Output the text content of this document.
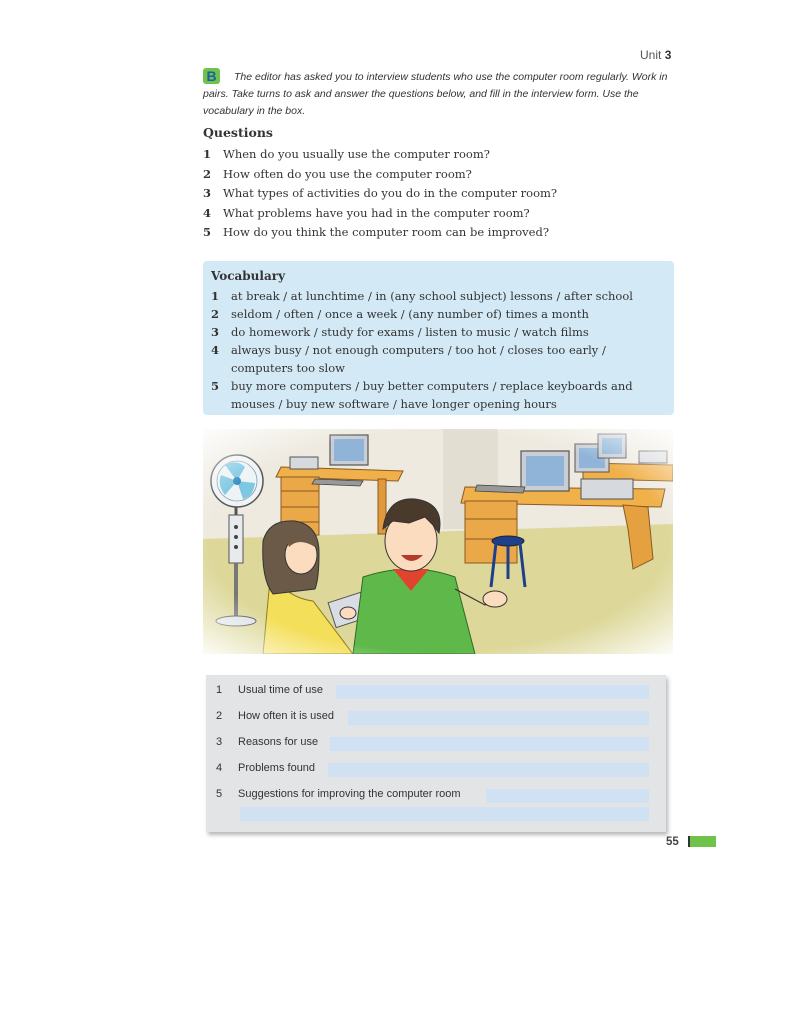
Unit 3
B The editor has asked you to interview students who use the computer room regularly. Work in pairs. Take turns to ask and answer the questions below, and fill in the interview form. Use the vocabulary in the box.
Questions
1 When do you usually use the computer room?
2 How often do you use the computer room?
3 What types of activities do you do in the computer room?
4 What problems have you had in the computer room?
5 How do you think the computer room can be improved?
Vocabulary
1	at break / at lunchtime / in (any school subject) lessons / after school
2	seldom / often / once a week / (any number of) times a month
3	do homework / study for exams / listen to music / watch films
4	always busy / not enough computers / too hot / closes too early / computers too slow
5	buy more computers / buy better computers / replace keyboards and mouses / buy new software / have longer opening hours
1	Usual time of use
2	How often it is used
3	Reasons for use
4	Problems found
5	Suggestions for improving the computer room
55
